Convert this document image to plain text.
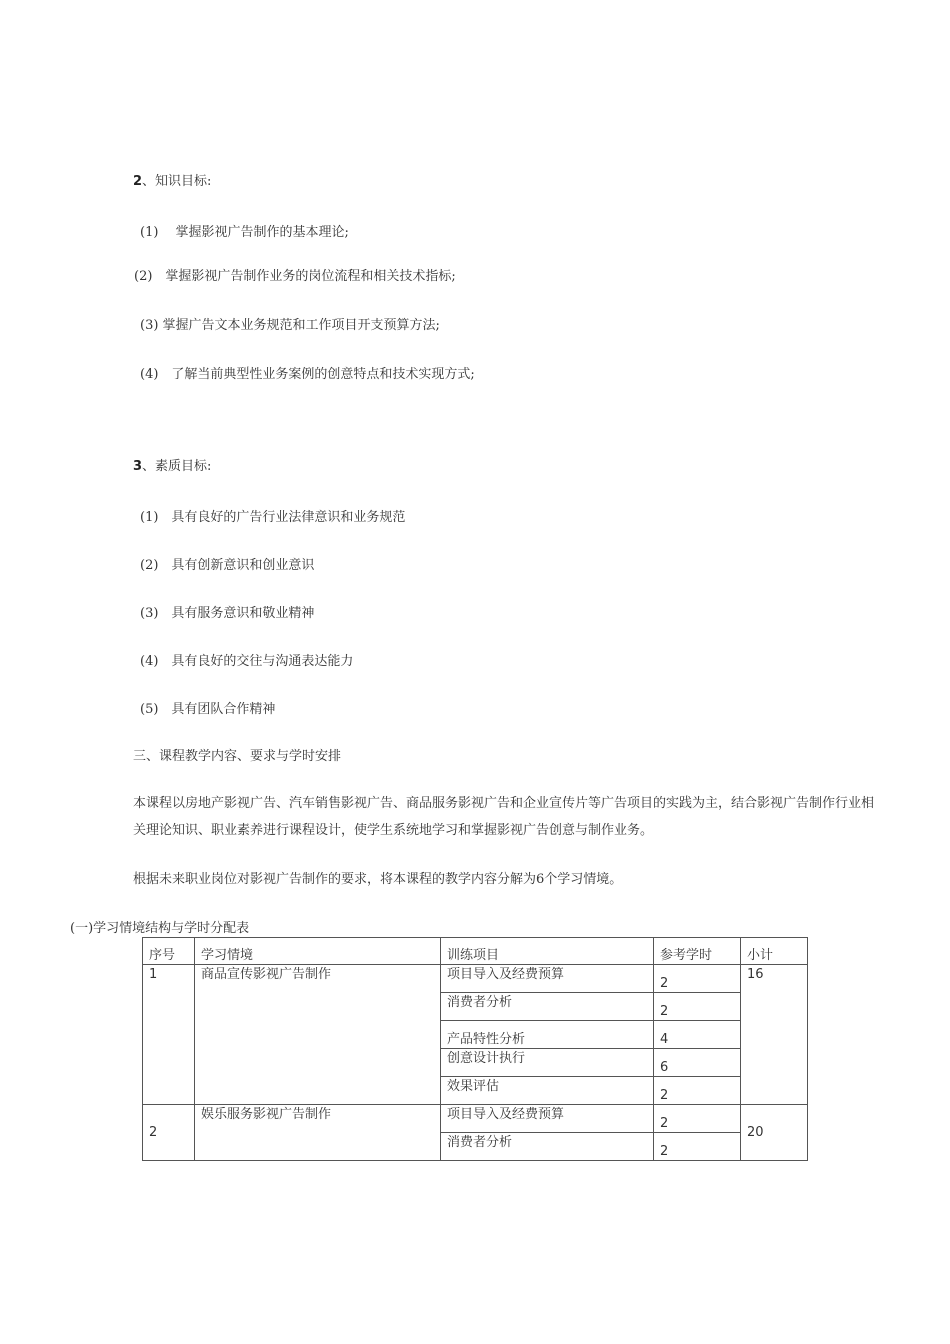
2、知识目标:
(1)　 掌握影视广告制作的基本理论;
(2)　掌握影视广告制作业务的岗位流程和相关技术指标;
(3) 掌握广告文本业务规范和工作项目开支预算方法;
(4)　了解当前典型性业务案例的创意特点和技术实现方式;
3、素质目标:
(1)　具有良好的广告行业法律意识和业务规范
(2)　具有创新意识和创业意识
(3)　具有服务意识和敬业精神
(4)　具有良好的交往与沟通表达能力
(5)　具有团队合作精神
三、课程教学内容、要求与学时安排
本课程以房地产影视广告、汽车销售影视广告、商品服务影视广告和企业宣传片等广告项目的实践为主，结合影视广告制作行业相关理论知识、职业素养进行课程设计，使学生系统地学习和掌握影视广告创意与制作业务。
根据未来职业岗位对影视广告制作的要求，将本课程的教学内容分解为6个学习情境。
(一)学习情境结构与学时分配表
序号	学习情境	训练项目	参考学时	小计
1	商品宣传影视广告制作	项目导入及经费预算	2	16
		消费者分析	2	
		产品特性分析	4	
		创意设计执行	6	
		效果评估	2	
2	娱乐服务影视广告制作	项目导入及经费预算	2	20
		消费者分析	2	
